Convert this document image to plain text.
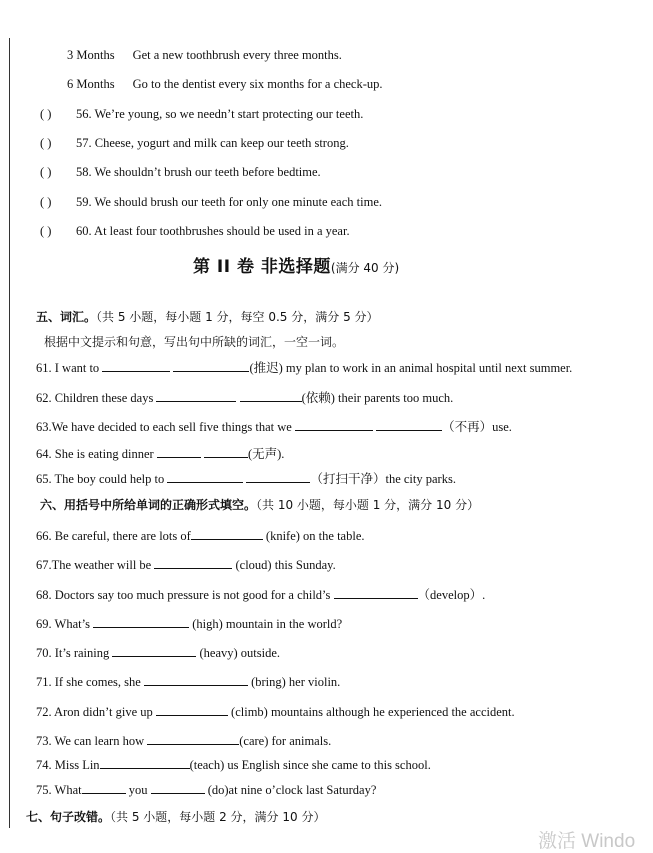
3 Months Get a new toothbrush every three months.
6 Months Go to the dentist every six months for a check-up.
( ) 56. We’re young, so we needn’t start protecting our teeth.
( ) 57. Cheese, yogurt and milk can keep our teeth strong.
( ) 58. We shouldn’t brush our teeth before bedtime.
( ) 59. We should brush our teeth for only one minute each time.
( ) 60. At least four toothbrushes should be used in a year.
第 II 卷 非选择题(满分 40 分)
五、词汇。（共 5 小题，每小题 1 分，每空 0.5 分，满分 5 分）
根据中文提示和句意，写出句中所缺的词汇，一空一词。
61. I want to	(推迟) my plan to work in an animal hospital until next summer.
62. Children these days	(依赖) their parents too much.
63.We have decided to each sell five things that we	（不再）use.
64. She is eating dinner	(无声).
65. The boy could help to	（打扫干净）the city parks.
六、用括号中所给单词的正确形式填空。（共 10 小题，每小题 1 分，满分 10 分）
66. Be careful, there are lots of	(knife) on the table.
67.The weather will be	(cloud) this Sunday.
68. Doctors say too much pressure is not good for a child’s	（develop）.
69. What’s	(high) mountain in the world?
70. It’s raining	(heavy) outside.
71. If she comes, she	(bring) her violin.
72. Aron didn’t give up	(climb) mountains although he experienced the accident.
73. We can learn how	(care) for animals.
74. Miss Lin	(teach) us English since she came to this school.
75. What	you	(do)at nine o’clock last Saturday?
七、句子改错。（共 5 小题，每小题 2 分，满分 10 分）
激活 Windo
